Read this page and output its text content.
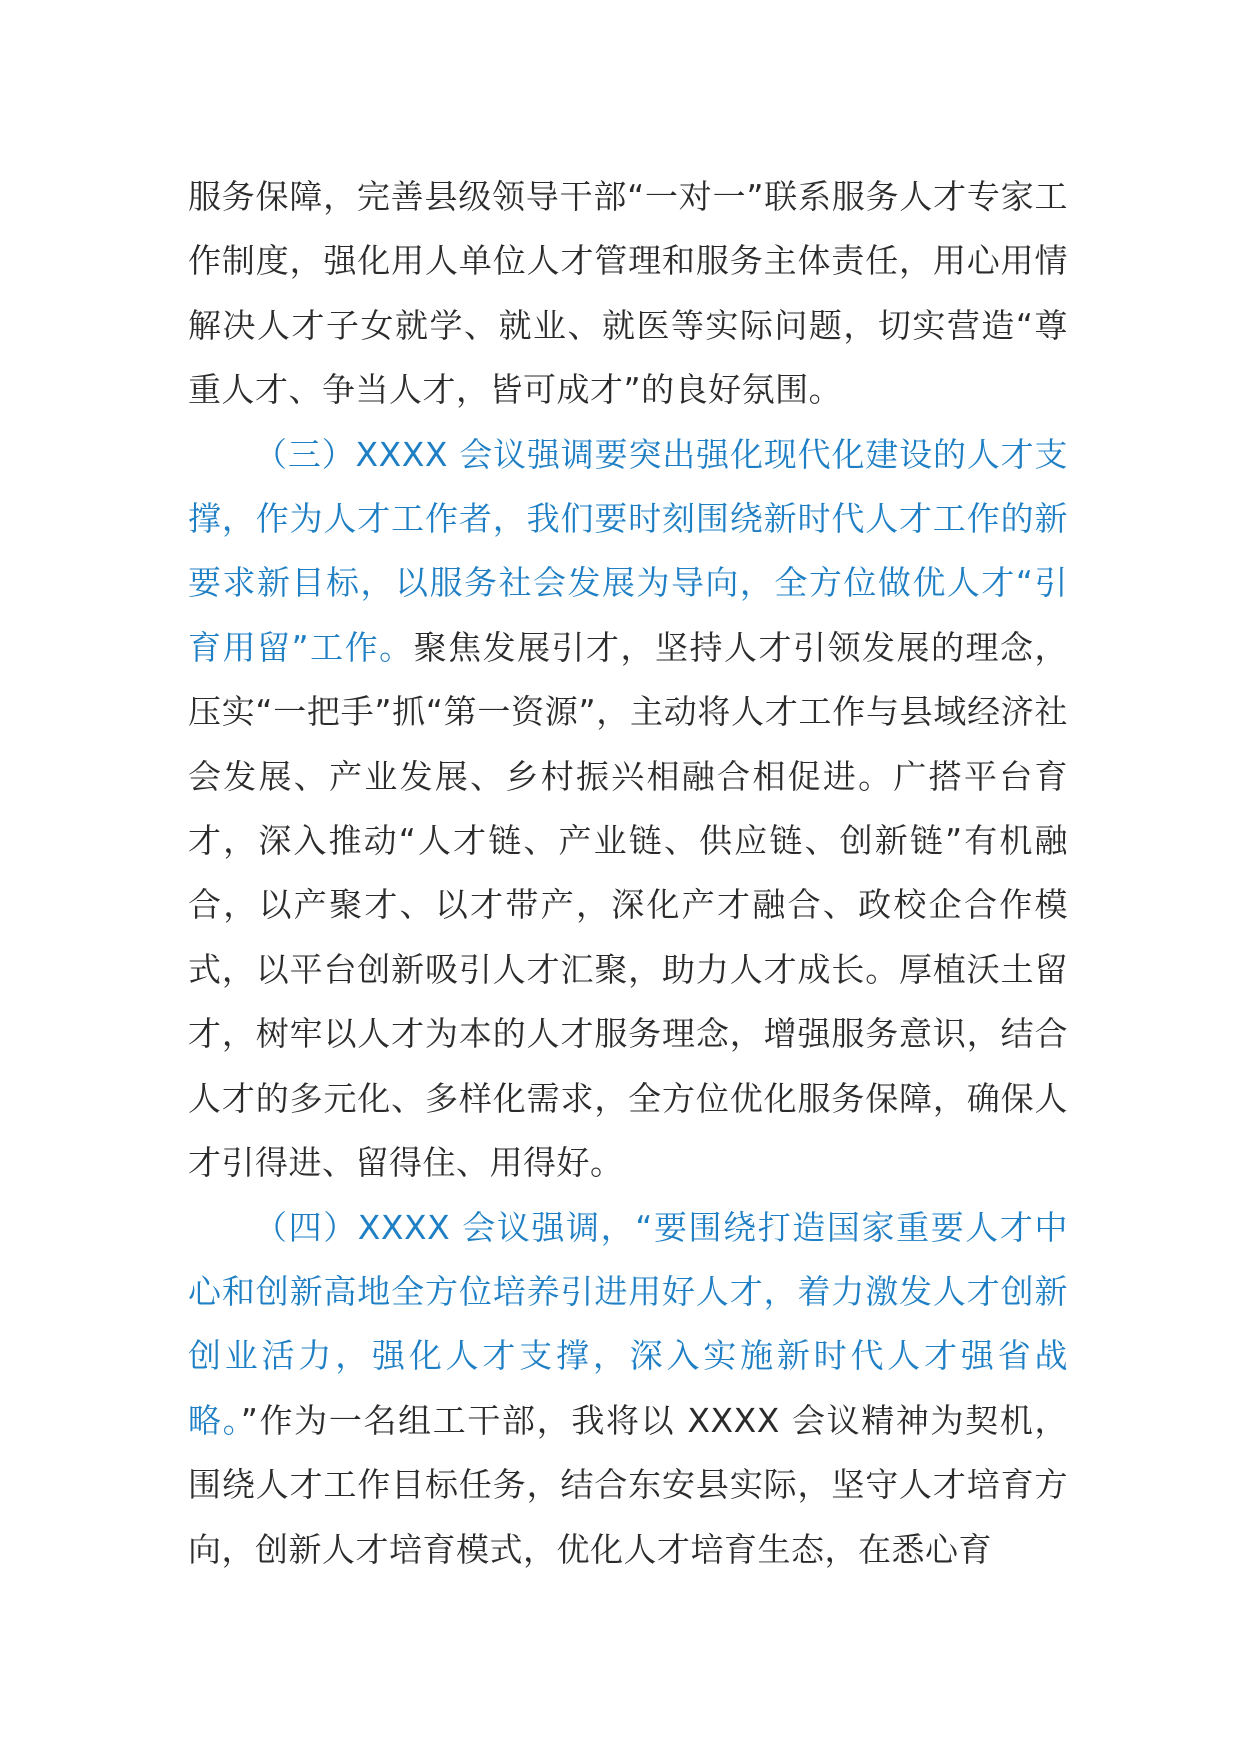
服务保障，完善县级领导干部“一对一”联系服务人才专家工作制度，强化用人单位人才管理和服务主体责任，用心用情解决人才子女就学、就业、就医等实际问题，切实营造“尊重人才、争当人才，皆可成才”的良好氛围。

（三）XXXX 会议强调要突出强化现代化建设的人才支撑，作为人才工作者，我们要时刻围绕新时代人才工作的新要求新目标，以服务社会发展为导向，全方位做优人才“引育用留”工作。聚焦发展引才，坚持人才引领发展的理念，压实“一把手”抓“第一资源”，主动将人才工作与县域经济社会发展、产业发展、乡村振兴相融合相促进。广搭平台育才，深入推动“人才链、产业链、供应链、创新链”有机融合，以产聚才、以才带产，深化产才融合、政校企合作模式，以平台创新吸引人才汇聚，助力人才成长。厚植沃土留才，树牢以人才为本的人才服务理念，增强服务意识，结合人才的多元化、多样化需求，全方位优化服务保障，确保人才引得进、留得住、用得好。

（四）XXXX 会议强调，“要围绕打造国家重要人才中心和创新高地全方位培养引进用好人才，着力激发人才创新创业活力，强化人才支撑，深入实施新时代人才强省战略。”作为一名组工干部，我将以 XXXX 会议精神为契机，围绕人才工作目标任务，结合东安县实际，坚守人才培育方向，创新人才培育模式，优化人才培育生态，在悉心育
